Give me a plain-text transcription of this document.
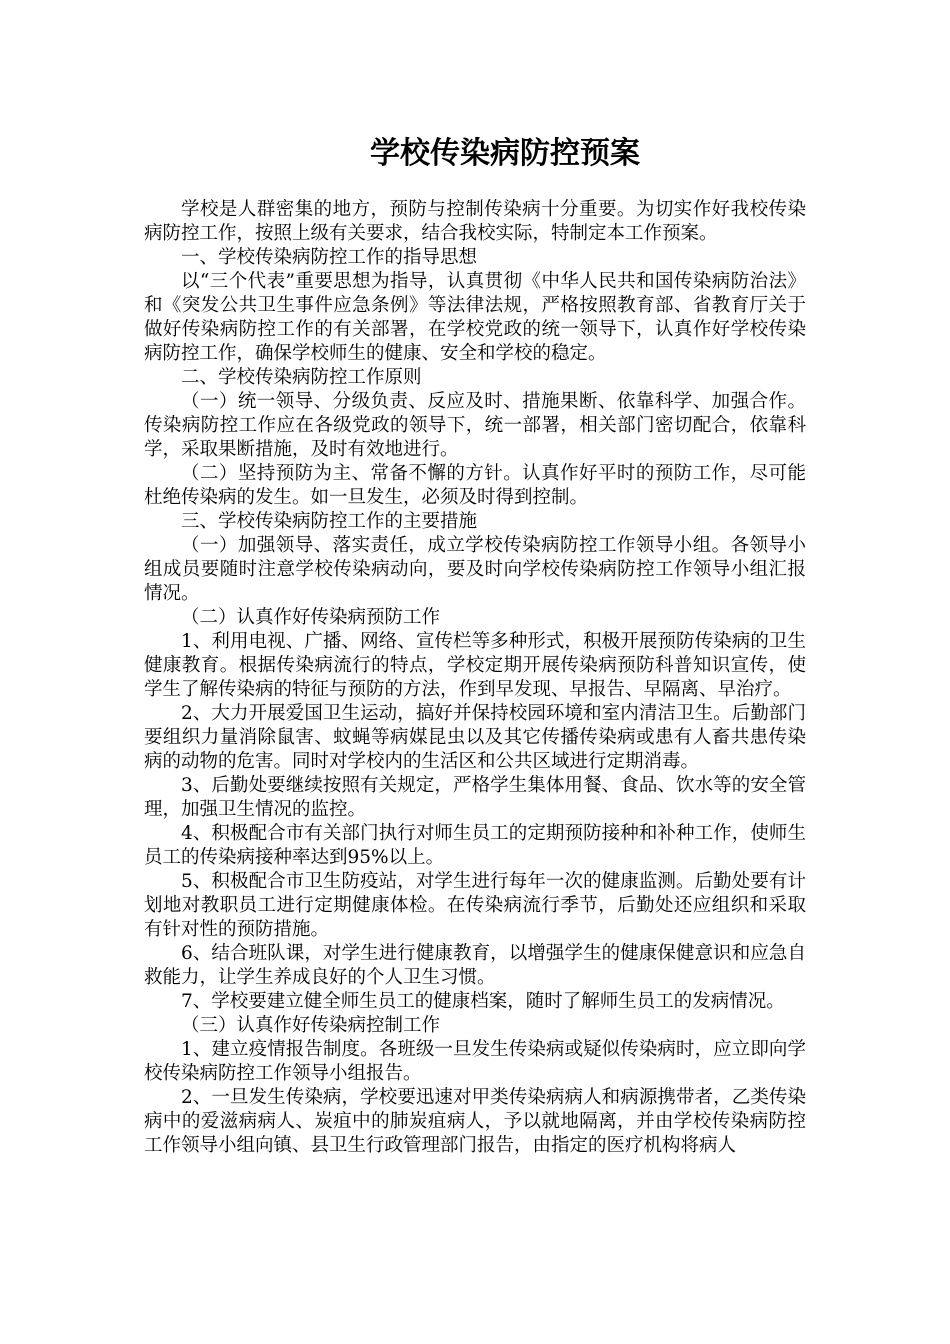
学校传染病防控预案

学校是人群密集的地方，预防与控制传染病十分重要。为切实作好我校传染病防控工作，按照上级有关要求，结合我校实际，特制定本工作预案。

一、学校传染病防控工作的指导思想

以“三个代表”重要思想为指导，认真贯彻《中华人民共和国传染病防治法》和《突发公共卫生事件应急条例》等法律法规，严格按照教育部、省教育厅关于做好传染病防控工作的有关部署，在学校党政的统一领导下，认真作好学校传染病防控工作，确保学校师生的健康、安全和学校的稳定。

二、学校传染病防控工作原则

（一）统一领导、分级负责、反应及时、措施果断、依靠科学、加强合作。传染病防控工作应在各级党政的领导下，统一部署，相关部门密切配合，依靠科学，采取果断措施，及时有效地进行。

（二）坚持预防为主、常备不懈的方针。认真作好平时的预防工作，尽可能杜绝传染病的发生。如一旦发生，必须及时得到控制。

三、学校传染病防控工作的主要措施

（一）加强领导、落实责任，成立学校传染病防控工作领导小组。各领导小组成员要随时注意学校传染病动向，要及时向学校传染病防控工作领导小组汇报情况。

（二）认真作好传染病预防工作

1、利用电视、广播、网络、宣传栏等多种形式，积极开展预防传染病的卫生健康教育。根据传染病流行的特点，学校定期开展传染病预防科普知识宣传，使学生了解传染病的特征与预防的方法，作到早发现、早报告、早隔离、早治疗。

2、大力开展爱国卫生运动，搞好并保持校园环境和室内清洁卫生。后勤部门要组织力量消除鼠害、蚊蝇等病媒昆虫以及其它传播传染病或患有人畜共患传染病的动物的危害。同时对学校内的生活区和公共区域进行定期消毒。

3、后勤处要继续按照有关规定，严格学生集体用餐、食品、饮水等的安全管理，加强卫生情况的监控。

4、积极配合市有关部门执行对师生员工的定期预防接种和补种工作，使师生员工的传染病接种率达到95%以上。

5、积极配合市卫生防疫站，对学生进行每年一次的健康监测。后勤处要有计划地对教职员工进行定期健康体检。在传染病流行季节，后勤处还应组织和采取有针对性的预防措施。

6、结合班队课，对学生进行健康教育，以增强学生的健康保健意识和应急自救能力，让学生养成良好的个人卫生习惯。

7、学校要建立健全师生员工的健康档案，随时了解师生员工的发病情况。

（三）认真作好传染病控制工作

1、建立疫情报告制度。各班级一旦发生传染病或疑似传染病时，应立即向学校传染病防控工作领导小组报告。

2、一旦发生传染病，学校要迅速对甲类传染病病人和病源携带者，乙类传染病中的爱滋病病人、炭疽中的肺炭疽病人，予以就地隔离，并由学校传染病防控工作领导小组向镇、县卫生行政管理部门报告，由指定的医疗机构将病人
